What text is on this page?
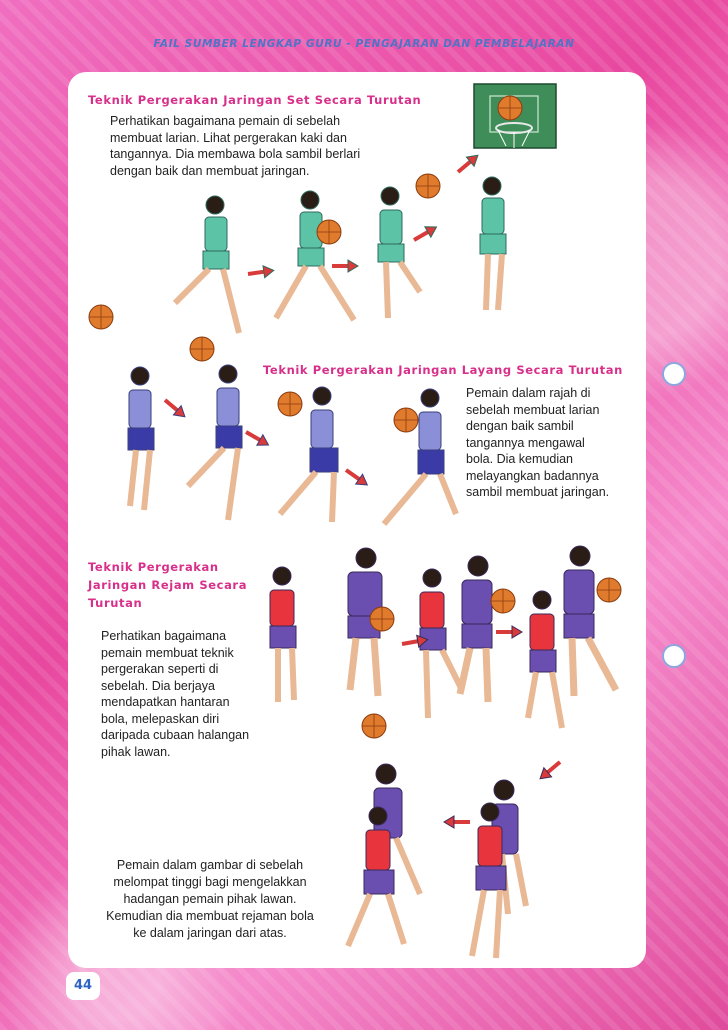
FAIL SUMBER LENGKAP GURU - PENGAJARAN DAN PEMBELAJARAN
Teknik Pergerakan Jaringan Set Secara Turutan
Perhatikan bagaimana pemain di sebelah
membuat larian. Lihat pergerakan kaki dan
tangannya. Dia membawa bola sambil berlari
dengan baik dan membuat jaringan.
Teknik Pergerakan Jaringan Layang Secara Turutan
Pemain dalam rajah di
sebelah membuat larian
dengan baik sambil
tangannya mengawal
bola. Dia kemudian
melayangkan badannya
sambil membuat jaringan.
Teknik Pergerakan
Jaringan Rejam Secara
Turutan
Perhatikan bagaimana
pemain membuat teknik
pergerakan seperti di
sebelah. Dia berjaya
mendapatkan hantaran
bola, melepaskan diri
daripada cubaan halangan
pihak lawan.
Pemain dalam gambar di sebelah
melompat tinggi bagi mengelakkan
hadangan pemain pihak lawan.
Kemudian dia membuat rejaman bola
ke dalam jaringan dari atas.
44
